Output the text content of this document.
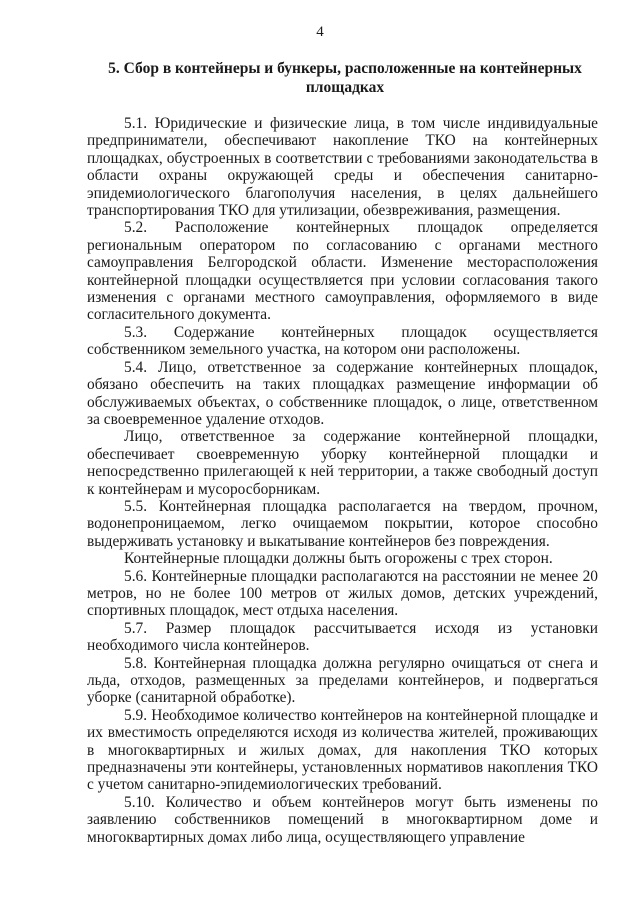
4
5. Сбор в контейнеры и бункеры, расположенные на контейнерных площадках

5.1. Юридические и физические лица, в том числе индивидуальные предприниматели, обеспечивают накопление ТКО на контейнерных площадках, обустроенных в соответствии с требованиями законодательства в области охраны окружающей среды и обеспечения санитарно-эпидемиологического благополучия населения, в целях дальнейшего транспортирования ТКО для утилизации, обезвреживания, размещения.

5.2. Расположение контейнерных площадок определяется региональным оператором по согласованию с органами местного самоуправления Белгородской области. Изменение месторасположения контейнерной площадки осуществляется при условии согласования такого изменения с органами местного самоуправления, оформляемого в виде согласительного документа.

5.3. Содержание контейнерных площадок осуществляется собственником земельного участка, на котором они расположены.

5.4. Лицо, ответственное за содержание контейнерных площадок, обязано обеспечить на таких площадках размещение информации об обслуживаемых объектах, о собственнике площадок, о лице, ответственном за своевременное удаление отходов.

Лицо, ответственное за содержание контейнерной площадки, обеспечивает своевременную уборку контейнерной площадки и непосредственно прилегающей к ней территории, а также свободный доступ к контейнерам и мусоросборникам.

5.5. Контейнерная площадка располагается на твердом, прочном, водонепроницаемом, легко очищаемом покрытии, которое способно выдерживать установку и выкатывание контейнеров без повреждения.

Контейнерные площадки должны быть огорожены с трех сторон.

5.6. Контейнерные площадки располагаются на расстоянии не менее 20 метров, но не более 100 метров от жилых домов, детских учреждений, спортивных площадок, мест отдыха населения.

5.7. Размер площадок рассчитывается исходя из установки необходимого числа контейнеров.

5.8. Контейнерная площадка должна регулярно очищаться от снега и льда, отходов, размещенных за пределами контейнеров, и подвергаться уборке (санитарной обработке).

5.9. Необходимое количество контейнеров на контейнерной площадке и их вместимость определяются исходя из количества жителей, проживающих в многоквартирных и жилых домах, для накопления ТКО которых предназначены эти контейнеры, установленных нормативов накопления ТКО с учетом санитарно-эпидемиологических требований.

5.10. Количество и объем контейнеров могут быть изменены по заявлению собственников помещений в многоквартирном доме и многоквартирных домах либо лица, осуществляющего управление
